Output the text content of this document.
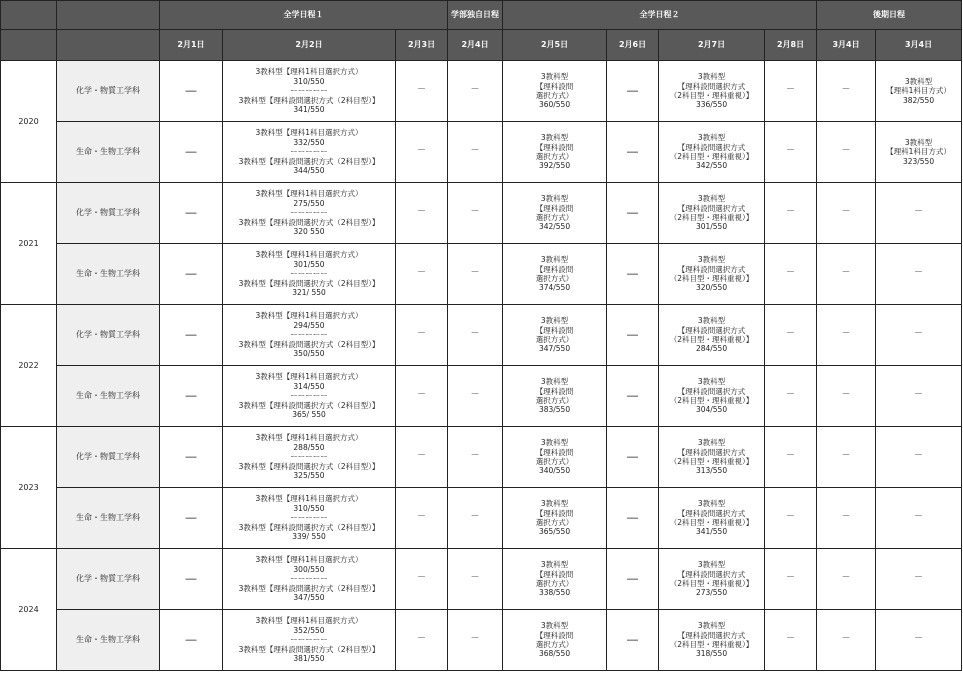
		全学日程１			学部独自日程	全学日程２				後期日程	
		2月1日	2月2日	2月3日	2月4日	2月5日	2月6日	2月7日	2月8日	3月4日	3月4日
2020	化学・物質工学科	―	3教科型【理科1科目選択方式）
310/550
ーーーーー
3教科型【理科設問選択方式（2科目型）】
341/550	－	－	3教科型
【理科設問
選択方式）
360/550	―	3教科型
【理科設問選択方式
（2科目型・理科重視）】
336/550	－	－	3教科型
【理科1科目方式）
382/550

	生命・生物工学科	―	3教科型【理科1科目選択方式）
332/550
ーーーーー
3教科型【理科設問選択方式（2科目型）】
344/550	－	－	3教科型
【理科設問
選択方式）
392/550	―	3教科型
【理科設問選択方式
（2科目型・理科重視）】
342/550	－	－	3教科型
【理科1科目方式）
323/550

2021	化学・物質工学科	―	3教科型【理科1科目選択方式）
275/550
ーーーーー
3教科型【理科設問選択方式（2科目型）】
320 550	－	－	3教科型
【理科設問
選択方式）
342/550	―	3教科型
【理科設問選択方式
（2科目型・理科重視）】
301/550	－	－	－
	生命・生物工学科	―	3教科型【理科1科目選択方式）
301/550
ーーーーー
3教科型【理科設問選択方式（2科目型）】
321/ 550	－	－	3教科型
【理科設問
選択方式）
374/550	―	3教科型
【理科設問選択方式
（2科目型・理科重視）】
320/550	－	－	－
2022	化学・物質工学科	―	3教科型【理科1科目選択方式）
294/550
ーーーーー
3教科型【理科設問選択方式（2科目型）】
350/550	－	－	3教科型
【理科設問
選択方式）
347/550	―	3教科型
【理科設問選択方式
（2科目型・理科重視）】
284/550	－	－	－
	生命・生物工学科	―	3教科型【理科1科目選択方式）
314/550
ーーーーー
3教科型【理科設問選択方式（2科目型）】
365/ 550	－	－	3教科型
【理科設問
選択方式）
383/550	―	3教科型
【理科設問選択方式
（2科目型・理科重視）】
304/550	－	－	－
2023	化学・物質工学科	―	3教科型【理科1科目選択方式）
288/550
ーーーーー
3教科型【理科設問選択方式（2科目型）】
325/550	－	－	3教科型
【理科設問
選択方式）
340/550	―	3教科型
【理科設問選択方式
（2科目型・理科重視）】
313/550	－	－	－
	生命・生物工学科	―	3教科型【理科1科目選択方式）
310/550
ーーーーー
3教科型【理科設問選択方式（2科目型）】
339/ 550	－	－	3教科型
【理科設問
選択方式）
365/550	―	3教科型
【理科設問選択方式
（2科目型・理科重視）】
341/550	－	－	－
2024	化学・物質工学科	―	3教科型【理科1科目選択方式）
300/550
ーーーーー
3教科型【理科設問選択方式（2科目型）】
347/550	－	－	3教科型
【理科設問
選択方式）
338/550	―	3教科型
【理科設問選択方式
（2科目型・理科重視）】
273/550	－	－	－
	生命・生物工学科	―	3教科型【理科1科目選択方式）
352/550
ーーーーー
3教科型【理科設問選択方式（2科目型）】
381/550	－	－	3教科型
【理科設問
選択方式）
368/550	―	3教科型
【理科設問選択方式
（2科目型・理科重視）】
318/550	－	－	－
